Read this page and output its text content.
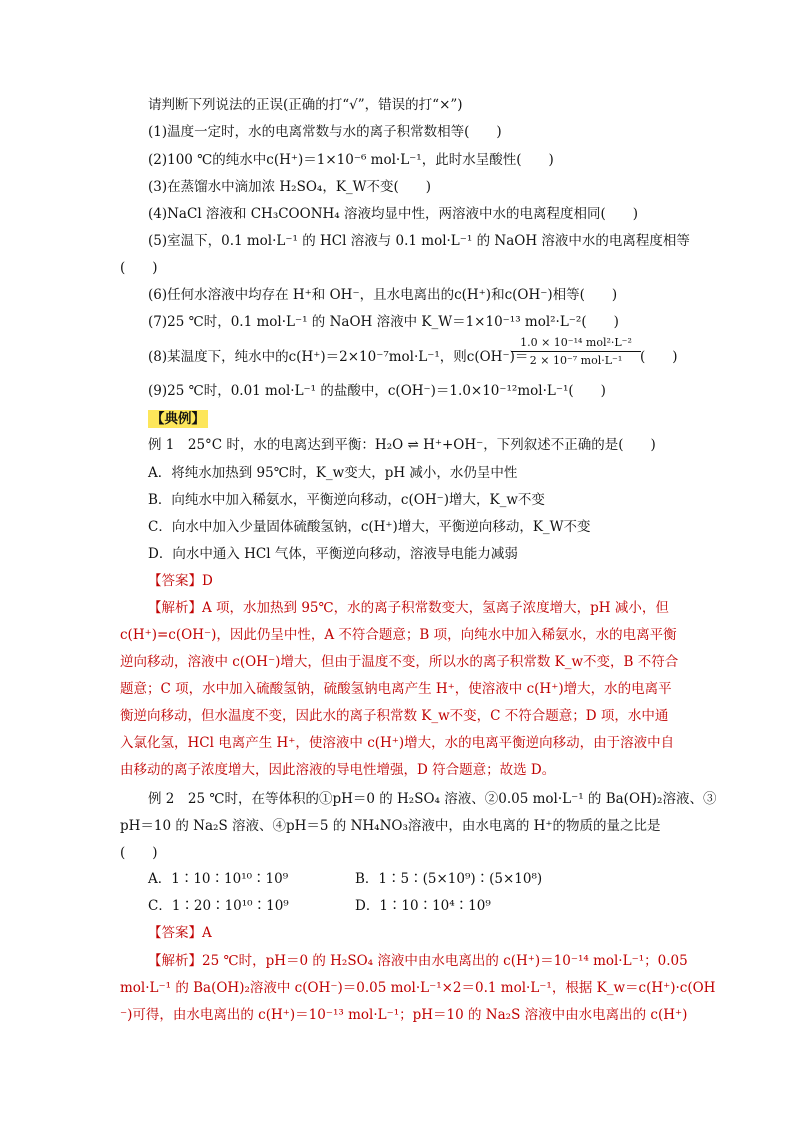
请判断下列说法的正误(正确的打“√”，错误的打“×”)
(1)温度一定时，水的电离常数与水的离子积常数相等(　　)
(2)100 ℃的纯水中c(H⁺)＝1×10⁻⁶ mol·L⁻¹，此时水呈酸性(　　)
(3)在蒸馏水中滴加浓 H₂SO₄，K_W不变(　　)
(4)NaCl 溶液和 CH₃COONH₄ 溶液均显中性，两溶液中水的电离程度相同(　　)
(5)室温下，0.1 mol·L⁻¹ 的 HCl 溶液与 0.1 mol·L⁻¹ 的 NaOH 溶液中水的电离程度相等
(　　)
(6)任何水溶液中均存在 H⁺和 OH⁻，且水电离出的c(H⁺)和c(OH⁻)相等(　　)
(7)25 ℃时，0.1 mol·L⁻¹ 的 NaOH 溶液中 K_W＝1×10⁻¹³ mol²·L⁻²(　　)
(8)某温度下，纯水中的c(H⁺)＝2×10⁻⁷mol·L⁻¹，则c(OH⁻)＝
1.0 × 10⁻¹⁴ mol²·L⁻²
2 × 10⁻⁷ mol·L⁻¹	(　　)
(9)25 ℃时，0.01 mol·L⁻¹ 的盐酸中，c(OH⁻)＝1.0×10⁻¹²mol·L⁻¹(　　)
【典例】
例 1　25°C 时，水的电离达到平衡：H₂O ⇌ H⁺+OH⁻，下列叙述不正确的是(　　)
A．将纯水加热到 95℃时，K_w变大，pH 减小，水仍呈中性
B．向纯水中加入稀氨水，平衡逆向移动，c(OH⁻)增大，K_w不变
C．向水中加入少量固体硫酸氢钠，c(H⁺)增大，平衡逆向移动，K_W不变
D．向水中通入 HCl 气体，平衡逆向移动，溶液导电能力减弱
【答案】D
【解析】A 项，水加热到 95℃，水的离子积常数变大，氢离子浓度增大，pH 减小，但
c(H⁺)=c(OH⁻)，因此仍呈中性，A 不符合题意；B 项，向纯水中加入稀氨水，水的电离平衡
逆向移动，溶液中 c(OH⁻)增大，但由于温度不变，所以水的离子积常数 K_w不变，B 不符合
题意；C 项，水中加入硫酸氢钠，硫酸氢钠电离产生 H⁺，使溶液中 c(H⁺)增大，水的电离平
衡逆向移动，但水温度不变，因此水的离子积常数 K_w不变，C 不符合题意；D 项，水中通
入氯化氢，HCl 电离产生 H⁺，使溶液中 c(H⁺)增大，水的电离平衡逆向移动，由于溶液中自
由移动的离子浓度增大，因此溶液的导电性增强，D 符合题意；故选 D。
例 2　25 ℃时，在等体积的①pH＝0 的 H₂SO₄ 溶液、②0.05 mol·L⁻¹ 的 Ba(OH)₂溶液、③
pH＝10 的 Na₂S 溶液、④pH＝5 的 NH₄NO₃溶液中，由水电离的 H⁺的物质的量之比是
(　　)
A．1∶10∶10¹⁰∶10⁹	B．1∶5∶(5×10⁹)∶(5×10⁸)
C．1∶20∶10¹⁰∶10⁹	D．1∶10∶10⁴∶10⁹
【答案】A
【解析】25 ℃时，pH＝0 的 H₂SO₄ 溶液中由水电离出的 c(H⁺)＝10⁻¹⁴ mol·L⁻¹；0.05
mol·L⁻¹ 的 Ba(OH)₂溶液中 c(OH⁻)＝0.05 mol·L⁻¹×2＝0.1 mol·L⁻¹，根据 K_w＝c(H⁺)·c(OH
⁻)可得，由水电离出的 c(H⁺)＝10⁻¹³ mol·L⁻¹；pH＝10 的 Na₂S 溶液中由水电离出的 c(H⁺)
